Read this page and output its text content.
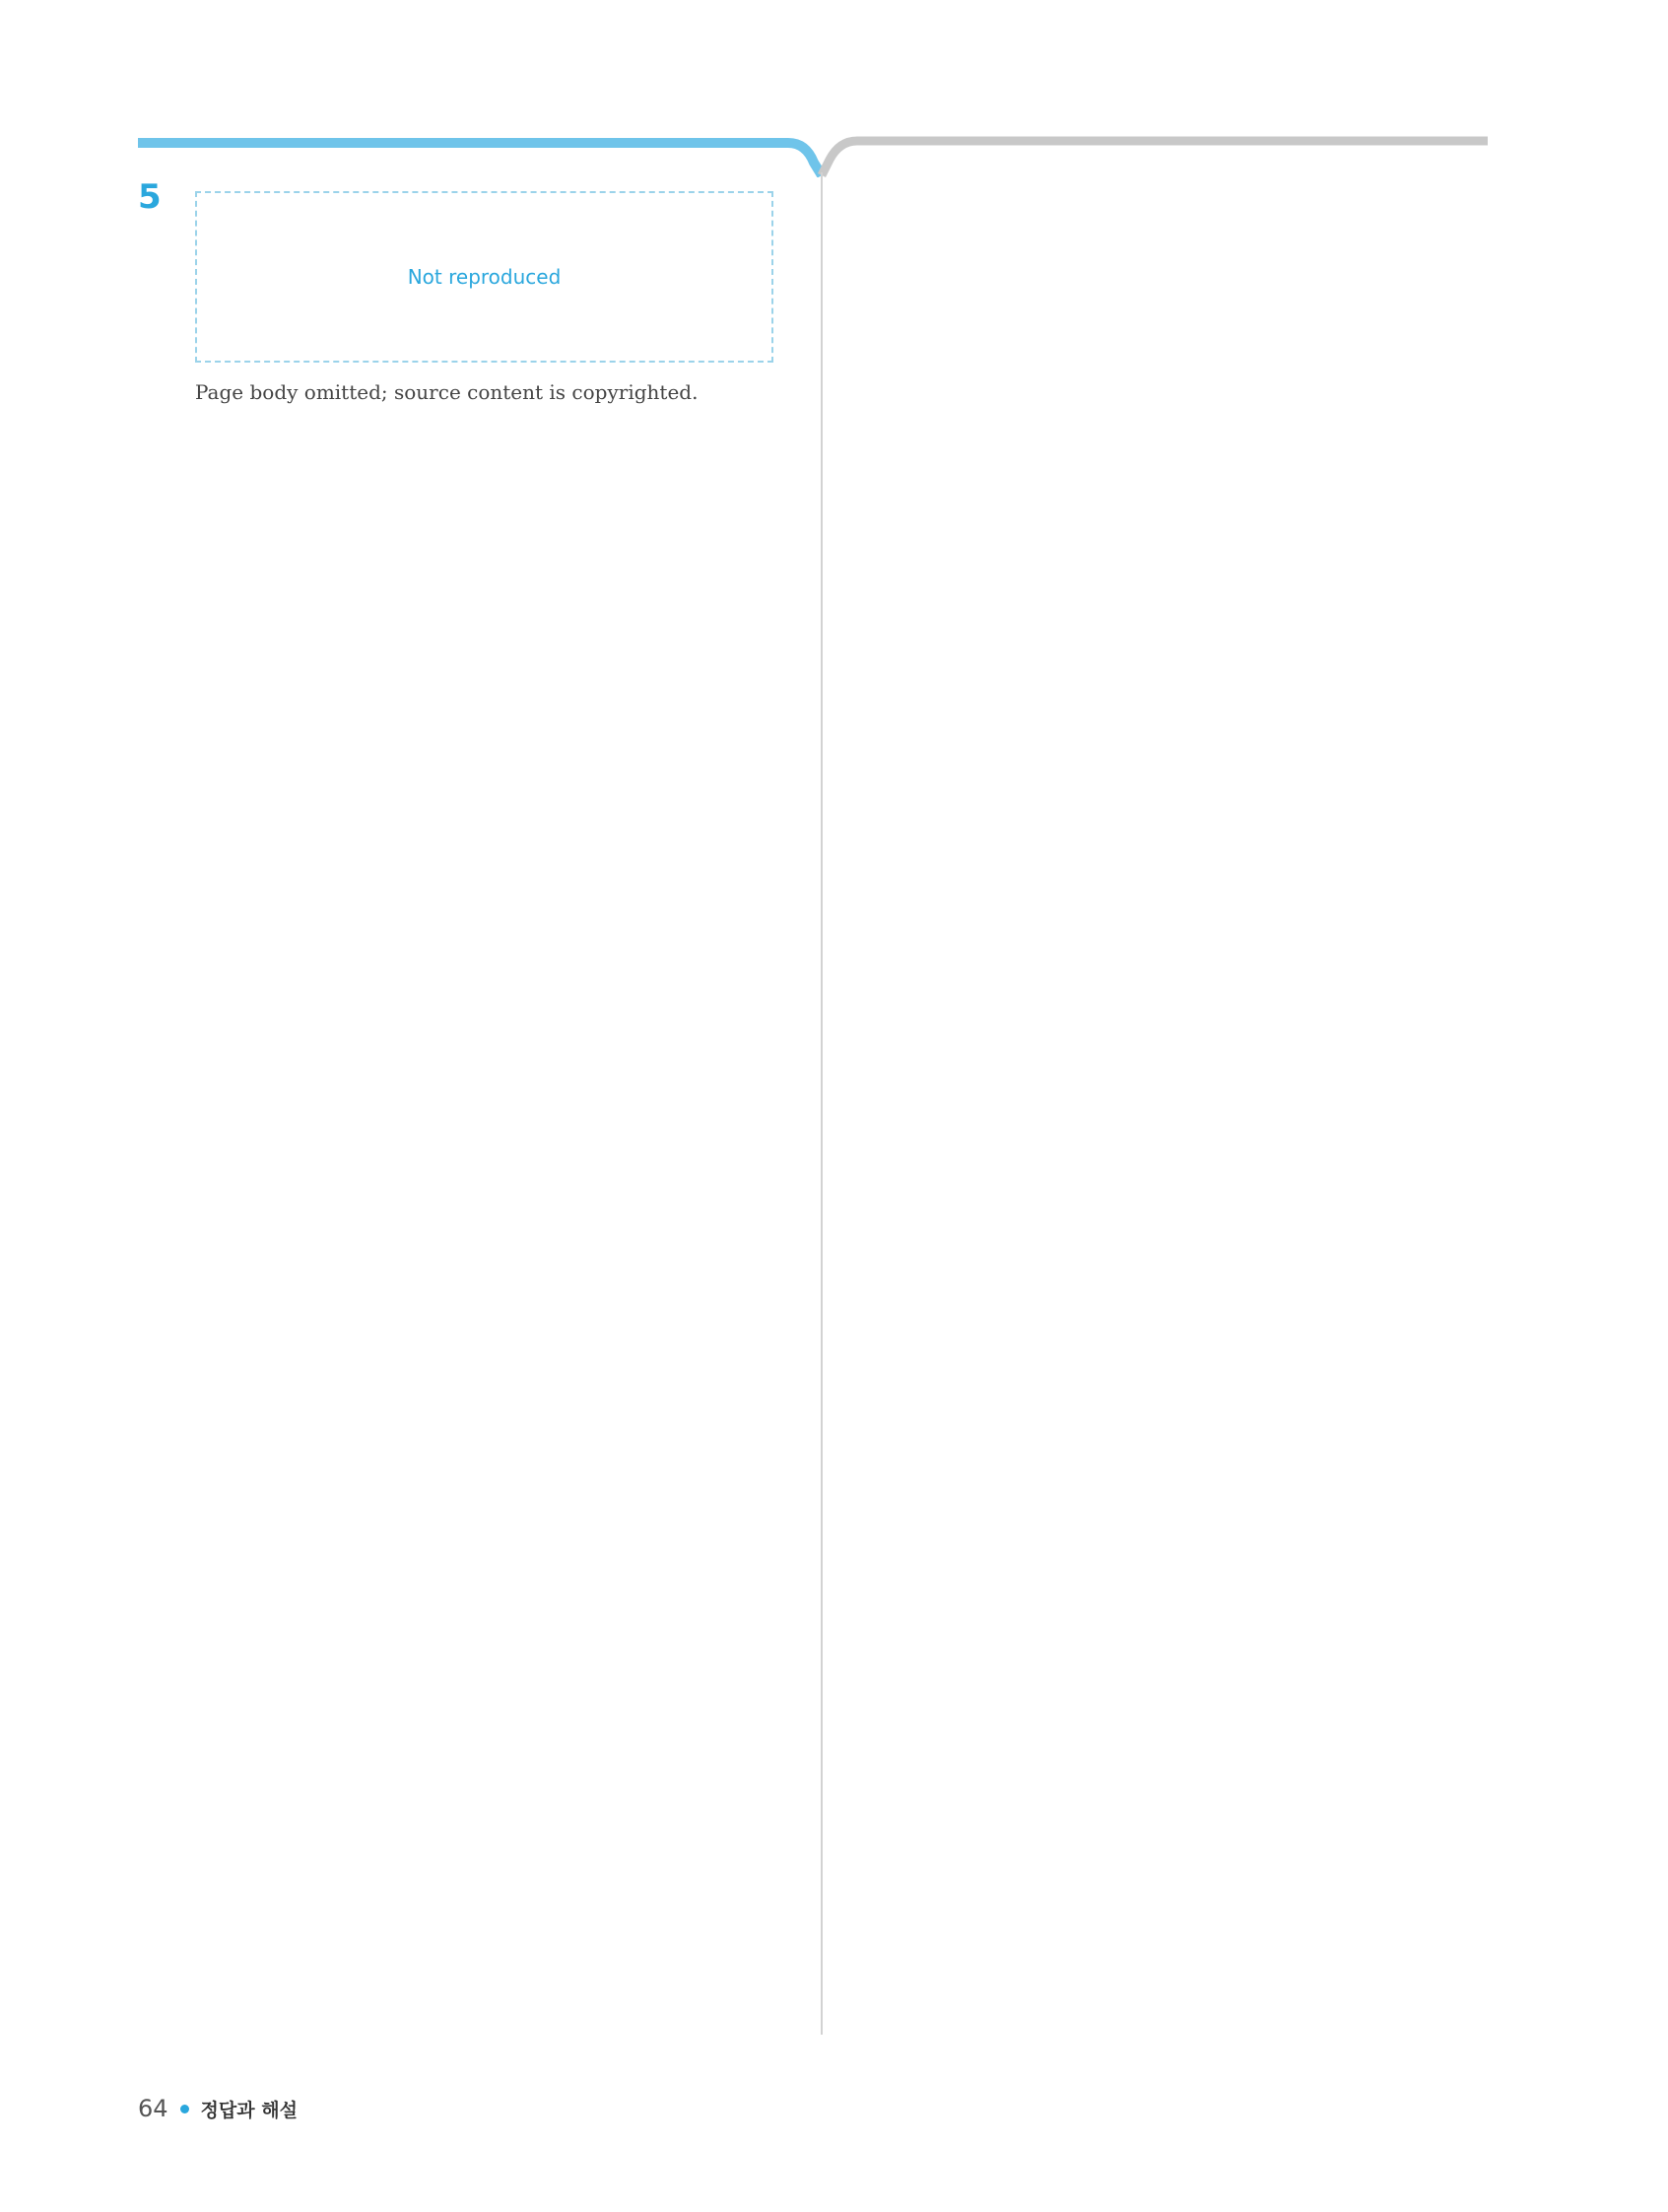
5
Not reproduced

Page body omitted; source content is copyrighted.

64 정답과 해설
